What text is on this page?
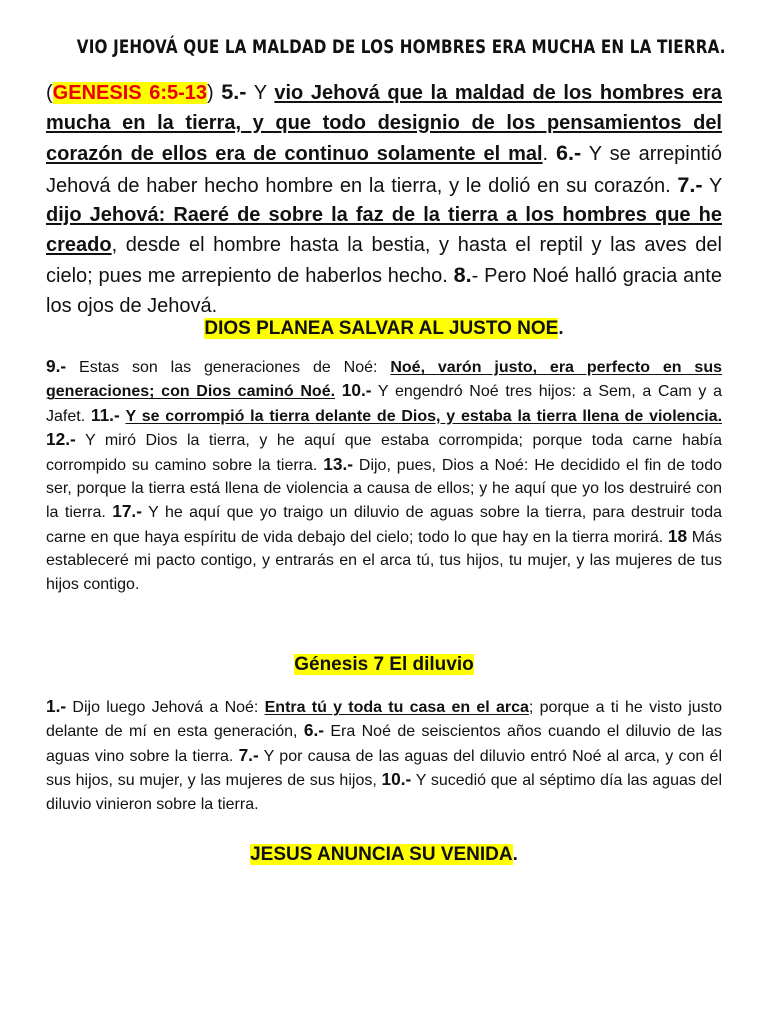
VIO JEHOVÁ QUE LA MALDAD DE LOS HOMBRES ERA MUCHA EN LA TIERRA.

(GENESIS 6:5-13) 5.- Y vio Jehová que la maldad de los hombres era mucha en la tierra, y que todo designio de los pensamientos del corazón de ellos era de continuo solamente el mal. 6.- Y se arrepintió Jehová de haber hecho hombre en la tierra, y le dolió en su corazón. 7.- Y dijo Jehová: Raeré de sobre la faz de la tierra a los hombres que he creado, desde el hombre hasta la bestia, y hasta el reptil y las aves del cielo; pues me arrepiento de haberlos hecho. 8.- Pero Noé halló gracia ante los ojos de Jehová.

DIOS PLANEA SALVAR AL JUSTO NOE.

9.- Estas son las generaciones de Noé: Noé, varón justo, era perfecto en sus generaciones; con Dios caminó Noé. 10.- Y engendró Noé tres hijos: a Sem, a Cam y a Jafet. 11.- Y se corrompió la tierra delante de Dios, y estaba la tierra llena de violencia. 12.- Y miró Dios la tierra, y he aquí que estaba corrompida; porque toda carne había corrompido su camino sobre la tierra. 13.- Dijo, pues, Dios a Noé: He decidido el fin de todo ser, porque la tierra está llena de violencia a causa de ellos; y he aquí que yo los destruiré con la tierra. 17.- Y he aquí que yo traigo un diluvio de aguas sobre la tierra, para destruir toda carne en que haya espíritu de vida debajo del cielo; todo lo que hay en la tierra morirá. 18 Más estableceré mi pacto contigo, y entrarás en el arca tú, tus hijos, tu mujer, y las mujeres de tus hijos contigo.

Génesis 7 El diluvio

1.- Dijo luego Jehová a Noé: Entra tú y toda tu casa en el arca; porque a ti he visto justo delante de mí en esta generación, 6.- Era Noé de seiscientos años cuando el diluvio de las aguas vino sobre la tierra. 7.- Y por causa de las aguas del diluvio entró Noé al arca, y con él sus hijos, su mujer, y las mujeres de sus hijos, 10.- Y sucedió que al séptimo día las aguas del diluvio vinieron sobre la tierra.

JESUS ANUNCIA SU VENIDA.
